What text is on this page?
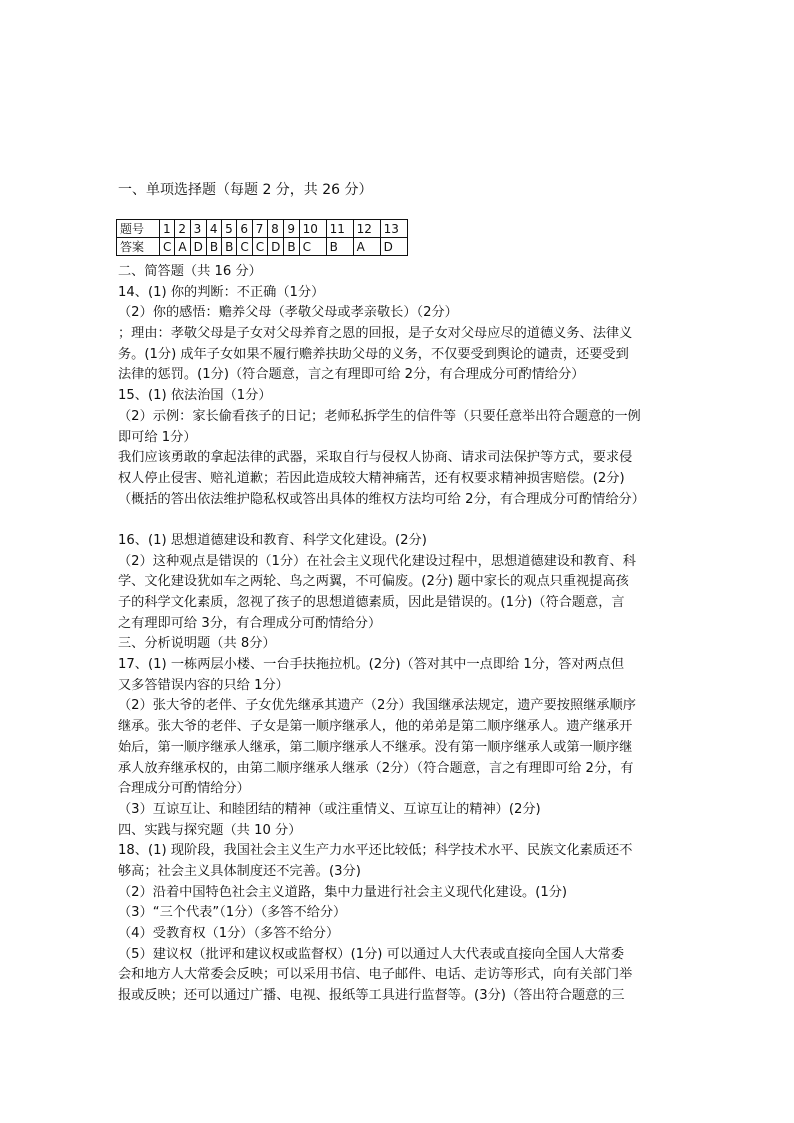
一、单项选择题（每题 2 分，共 26 分）
题号	1	2	3	4	5	6	7	8	9	10	11	12	13
答案	C	A	D	B	B	C	C	D	B	C	B	A	D
二、简答题（共 16 分）
14、(1) 你的判断：不正确（1分）
（2）你的感悟：赡养父母（孝敬父母或孝亲敬长）（2分）
；理由：孝敬父母是子女对父母养育之恩的回报，是子女对父母应尽的道德义务、法律义
务。(1分) 成年子女如果不履行赡养扶助父母的义务，不仅要受到舆论的谴责，还要受到
法律的惩罚。(1分)（符合题意，言之有理即可给 2分，有合理成分可酌情给分）
15、(1) 依法治国（1分）
（2）示例：家长偷看孩子的日记；老师私拆学生的信件等（只要任意举出符合题意的一例
即可给 1分）
我们应该勇敢的拿起法律的武器，采取自行与侵权人协商、请求司法保护等方式，要求侵
权人停止侵害、赔礼道歉；若因此造成较大精神痛苦，还有权要求精神损害赔偿。(2分)
（概括的答出依法维护隐私权或答出具体的维权方法均可给 2分，有合理成分可酌情给分）
16、(1) 思想道德建设和教育、科学文化建设。(2分)
（2）这种观点是错误的（1分）在社会主义现代化建设过程中，思想道德建设和教育、科
学、文化建设犹如车之两轮、鸟之两翼，不可偏废。(2分) 题中家长的观点只重视提高孩
子的科学文化素质，忽视了孩子的思想道德素质，因此是错误的。(1分)（符合题意，言
之有理即可给 3分，有合理成分可酌情给分）
三、分析说明题（共 8分）
17、(1) 一栋两层小楼、一台手扶拖拉机。(2分)（答对其中一点即给 1分，答对两点但
又多答错误内容的只给 1分）
（2）张大爷的老伴、子女优先继承其遗产（2分）我国继承法规定，遗产要按照继承顺序
继承。张大爷的老伴、子女是第一顺序继承人，他的弟弟是第二顺序继承人。遗产继承开
始后，第一顺序继承人继承，第二顺序继承人不继承。没有第一顺序继承人或第一顺序继
承人放弃继承权的，由第二顺序继承人继承（2分）（符合题意，言之有理即可给 2分，有
合理成分可酌情给分）
（3）互谅互让、和睦团结的精神（或注重情义、互谅互让的精神）(2分)
四、实践与探究题（共 10 分）
18、(1) 现阶段，我国社会主义生产力水平还比较低；科学技术水平、民族文化素质还不
够高；社会主义具体制度还不完善。(3分)
（2）沿着中国特色社会主义道路，集中力量进行社会主义现代化建设。(1分)
（3）“三个代表”（1分）（多答不给分）
（4）受教育权（1分）（多答不给分）
（5）建议权（批评和建议权或监督权）(1分) 可以通过人大代表或直接向全国人大常委
会和地方人大常委会反映；可以采用书信、电子邮件、电话、走访等形式，向有关部门举
报或反映；还可以通过广播、电视、报纸等工具进行监督等。(3分)（答出符合题意的三
